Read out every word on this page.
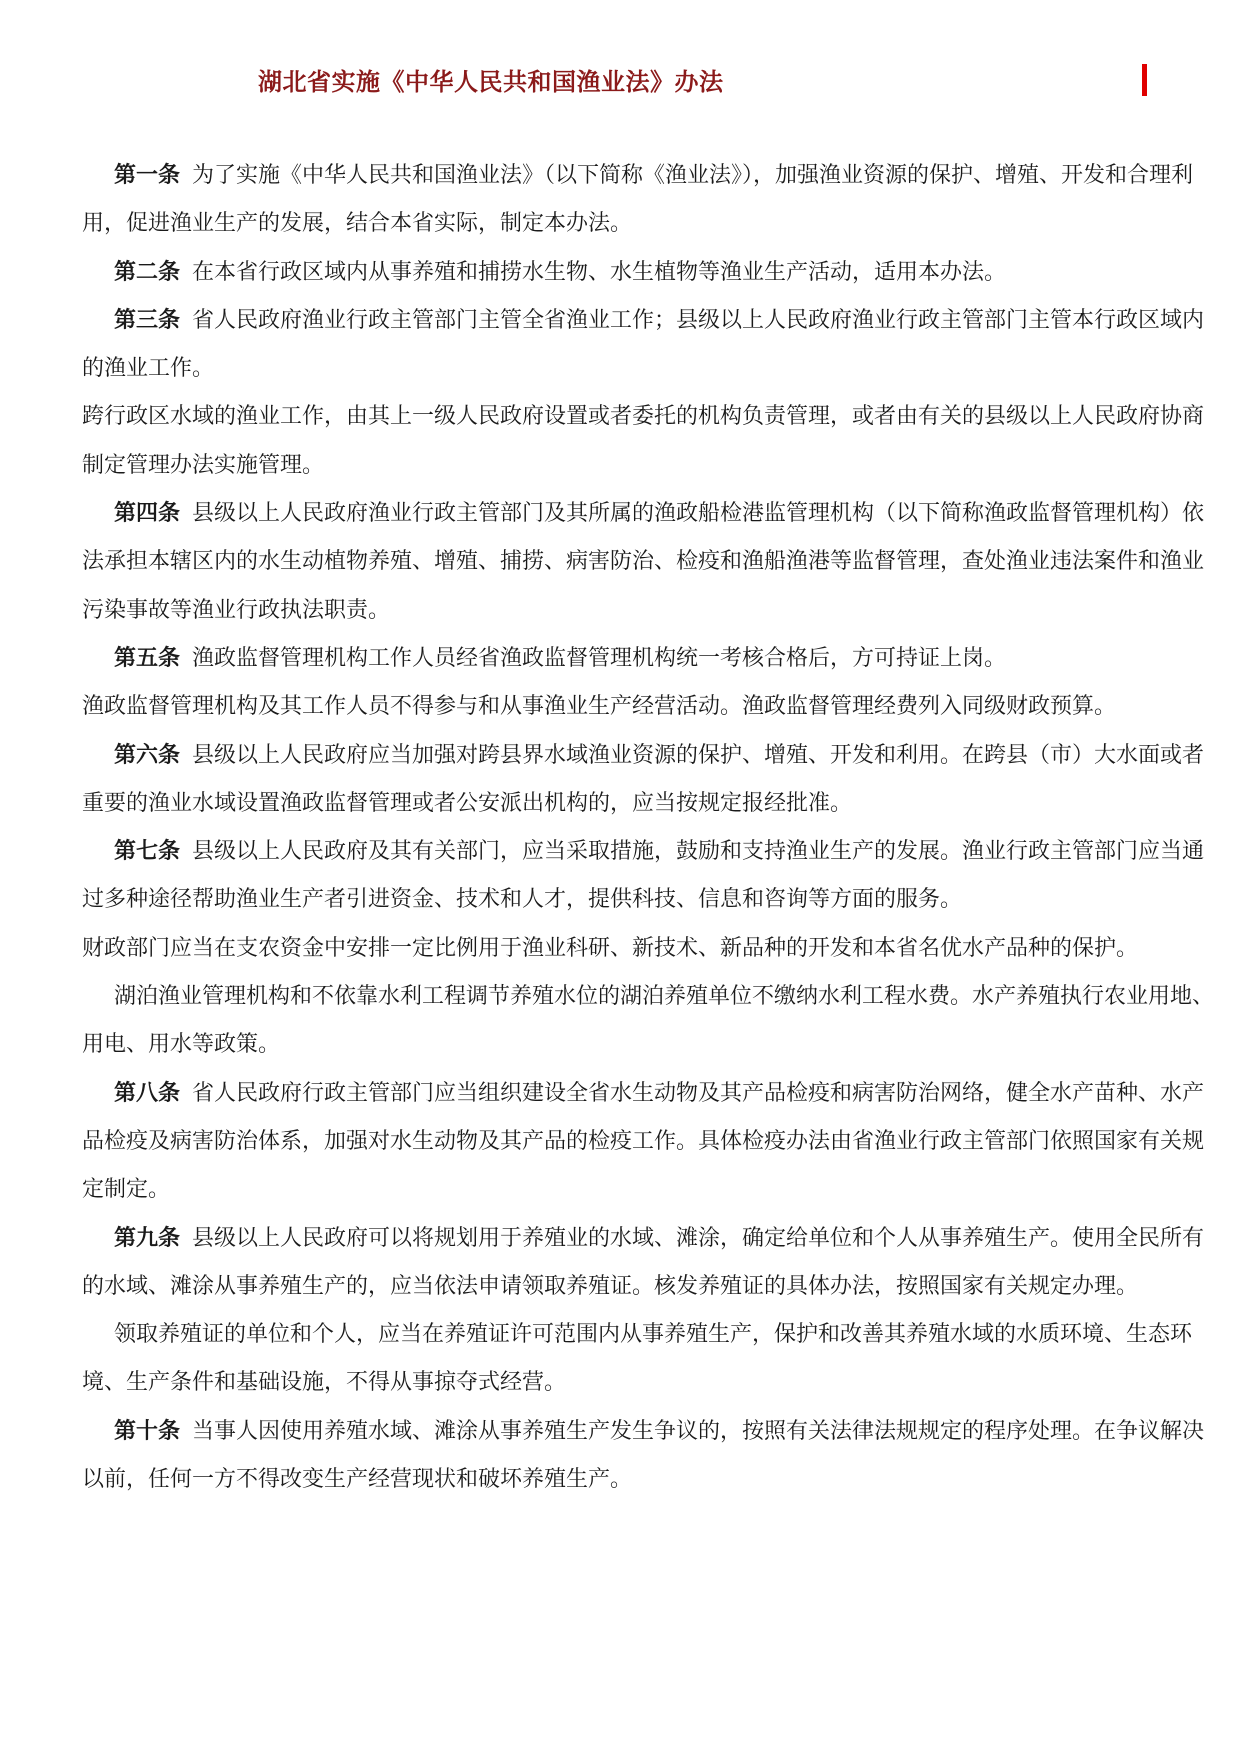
湖北省实施《中华人民共和国渔业法》办法

第一条 为了实施《中华人民共和国渔业法》（以下简称《渔业法》），加强渔业资源的保护、增殖、开发和合理利用，促进渔业生产的发展，结合本省实际，制定本办法。

第二条 在本省行政区域内从事养殖和捕捞水生物、水生植物等渔业生产活动，适用本办法。

第三条 省人民政府渔业行政主管部门主管全省渔业工作；县级以上人民政府渔业行政主管部门主管本行政区域内的渔业工作。

跨行政区水域的渔业工作，由其上一级人民政府设置或者委托的机构负责管理，或者由有关的县级以上人民政府协商制定管理办法实施管理。

第四条 县级以上人民政府渔业行政主管部门及其所属的渔政船检港监管理机构（以下简称渔政监督管理机构）依法承担本辖区内的水生动植物养殖、增殖、捕捞、病害防治、检疫和渔船渔港等监督管理，查处渔业违法案件和渔业污染事故等渔业行政执法职责。

第五条 渔政监督管理机构工作人员经省渔政监督管理机构统一考核合格后，方可持证上岗。

渔政监督管理机构及其工作人员不得参与和从事渔业生产经营活动。渔政监督管理经费列入同级财政预算。

第六条 县级以上人民政府应当加强对跨县界水域渔业资源的保护、增殖、开发和利用。在跨县（市）大水面或者重要的渔业水域设置渔政监督管理或者公安派出机构的，应当按规定报经批准。

第七条 县级以上人民政府及其有关部门，应当采取措施，鼓励和支持渔业生产的发展。渔业行政主管部门应当通过多种途径帮助渔业生产者引进资金、技术和人才，提供科技、信息和咨询等方面的服务。

财政部门应当在支农资金中安排一定比例用于渔业科研、新技术、新品种的开发和本省名优水产品种的保护。

湖泊渔业管理机构和不依靠水利工程调节养殖水位的湖泊养殖单位不缴纳水利工程水费。水产养殖执行农业用地、用电、用水等政策。

第八条 省人民政府行政主管部门应当组织建设全省水生动物及其产品检疫和病害防治网络，健全水产苗种、水产品检疫及病害防治体系，加强对水生动物及其产品的检疫工作。具体检疫办法由省渔业行政主管部门依照国家有关规定制定。

第九条 县级以上人民政府可以将规划用于养殖业的水域、滩涂，确定给单位和个人从事养殖生产。使用全民所有的水域、滩涂从事养殖生产的，应当依法申请领取养殖证。核发养殖证的具体办法，按照国家有关规定办理。

领取养殖证的单位和个人，应当在养殖证许可范围内从事养殖生产，保护和改善其养殖水域的水质环境、生态环境、生产条件和基础设施，不得从事掠夺式经营。

第十条 当事人因使用养殖水域、滩涂从事养殖生产发生争议的，按照有关法律法规规定的程序处理。在争议解决以前，任何一方不得改变生产经营现状和破坏养殖生产。
